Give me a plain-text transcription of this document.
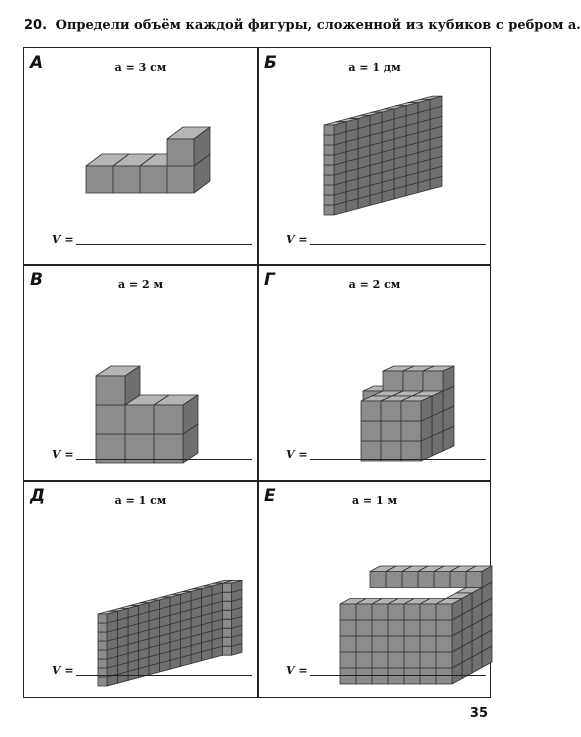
20. Определи объём каждой фигуры, сложенной из кубиков с ребром а.
А	а = 3 см
V =
Б	а = 1 дм
V =
В	а = 2 м
V =
Г	а = 2 см
V =
Д	а = 1 см
V =
Е	а = 1 м
V =
35
